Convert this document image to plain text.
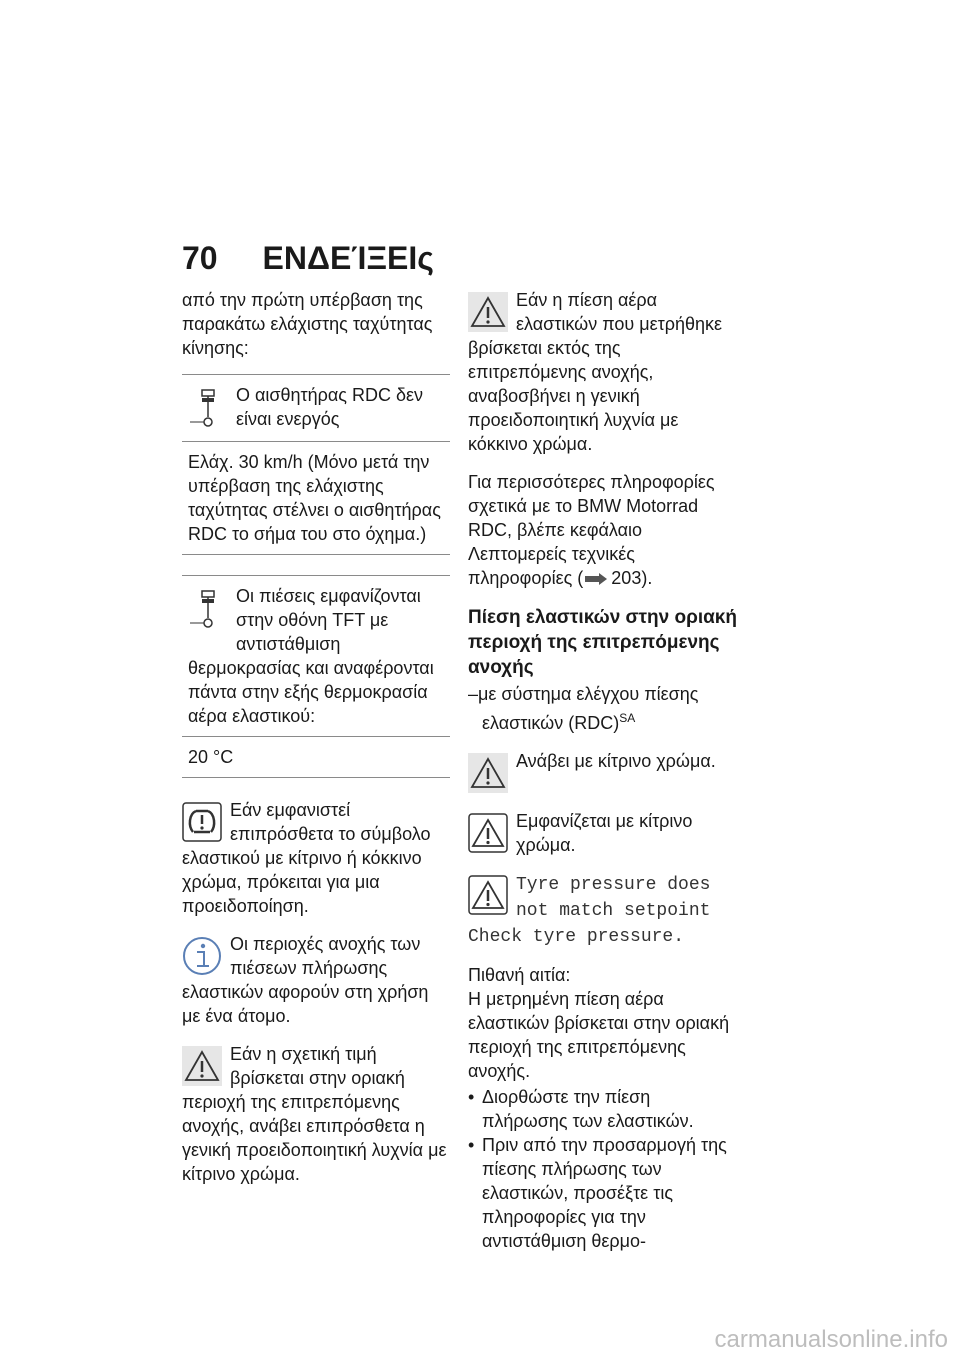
70 ΕΝΔΕΊΞΕΙς

από την πρώτη υπέρβαση της παρακάτω ελάχιστης ταχύτητας κίνησης:

Ο αισθητήρας RDC δεν είναι ενεργός
Ελάχ. 30 km/h (Μόνο μετά την υπέρβαση της ελάχιστης ταχύτητας στέλνει ο αισθητήρας RDC το σήμα του στο όχημα.)
Οι πιέσεις εμφανίζονται στην οθόνη TFT με αντιστάθμιση θερμοκρασίας και αναφέρονται πάντα στην εξής θερμοκρασία αέρα ελαστικού:
20 °C

Εάν εμφανιστεί επιπρόσθετα το σύμβολο ελαστικού με κίτρινο ή κόκκινο χρώμα, πρόκειται για μια προειδοποίηση.

Οι περιοχές ανοχής των πιέσεων πλήρωσης ελαστικών αφορούν στη χρήση με ένα άτομο.

Εάν η σχετική τιμή βρίσκεται στην οριακή περιοχή της επιτρεπόμενης ανοχής, ανάβει επιπρόσθετα η γενική προειδοποιητική λυχνία με κίτρινο χρώμα.

Εάν η πίεση αέρα ελαστικών που μετρήθηκε βρίσκεται εκτός της επιτρεπόμενης ανοχής, αναβοσβήνει η γενική προειδοποιητική λυχνία με κόκκινο χρώμα.

Για περισσότερες πληροφορίες σχετικά με το BMW Motorrad RDC, βλέπε κεφάλαιο Λεπτομερείς τεχνικές πληροφορίες ( 203).

Πίεση ελαστικών στην οριακή περιοχή της επιτρεπόμενης ανοχής

–με σύστημα ελέγχου πίεσης ελαστικών (RDC)$^{SA}$

Ανάβει με κίτρινο χρώμα.

Εμφανίζεται με κίτρινο χρώμα.

Tyre pressure does not match setpoint Check tyre pressure.

Πιθανή αιτία:
Η μετρημένη πίεση αέρα ελαστικών βρίσκεται στην οριακή περιοχή της επιτρεπόμενης ανοχής.

• Διορθώστε την πίεση πλήρωσης των ελαστικών.
• Πριν από την προσαρμογή της πίεσης πλήρωσης των ελαστικών, προσέξτε τις πληροφορίες για την αντιστάθμιση θερμο-
carmanualsonline.info
